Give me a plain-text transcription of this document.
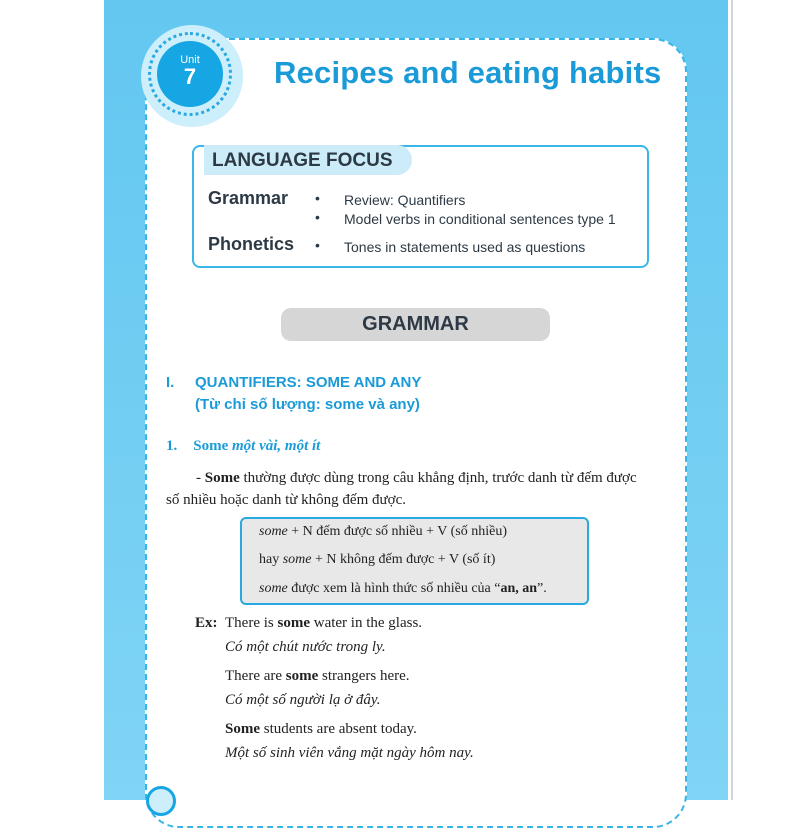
Unit
7	Recipes and eating habits
LANGUAGE FOCUS
Grammar • Review: Quantifiers
• Model verbs in conditional sentences type 1
Phonetics • Tones in statements used as questions
GRAMMAR
I. QUANTIFIERS: SOME AND ANY
(Từ chỉ số lượng: some và any)
1. Some một vài, một ít
- Some thường được dùng trong câu khẳng định, trước danh từ đếm được
số nhiều hoặc danh từ không đếm được.
some + N đếm được số nhiều + V (số nhiều)
hay some + N không đếm được + V (số ít)
some được xem là hình thức số nhiều của “an, an”.
Ex: There is some water in the glass.
Có một chút nước trong ly.
There are some strangers here.
Có một số người lạ ở đây.
Some students are absent today.
Một số sinh viên vắng mặt ngày hôm nay.
